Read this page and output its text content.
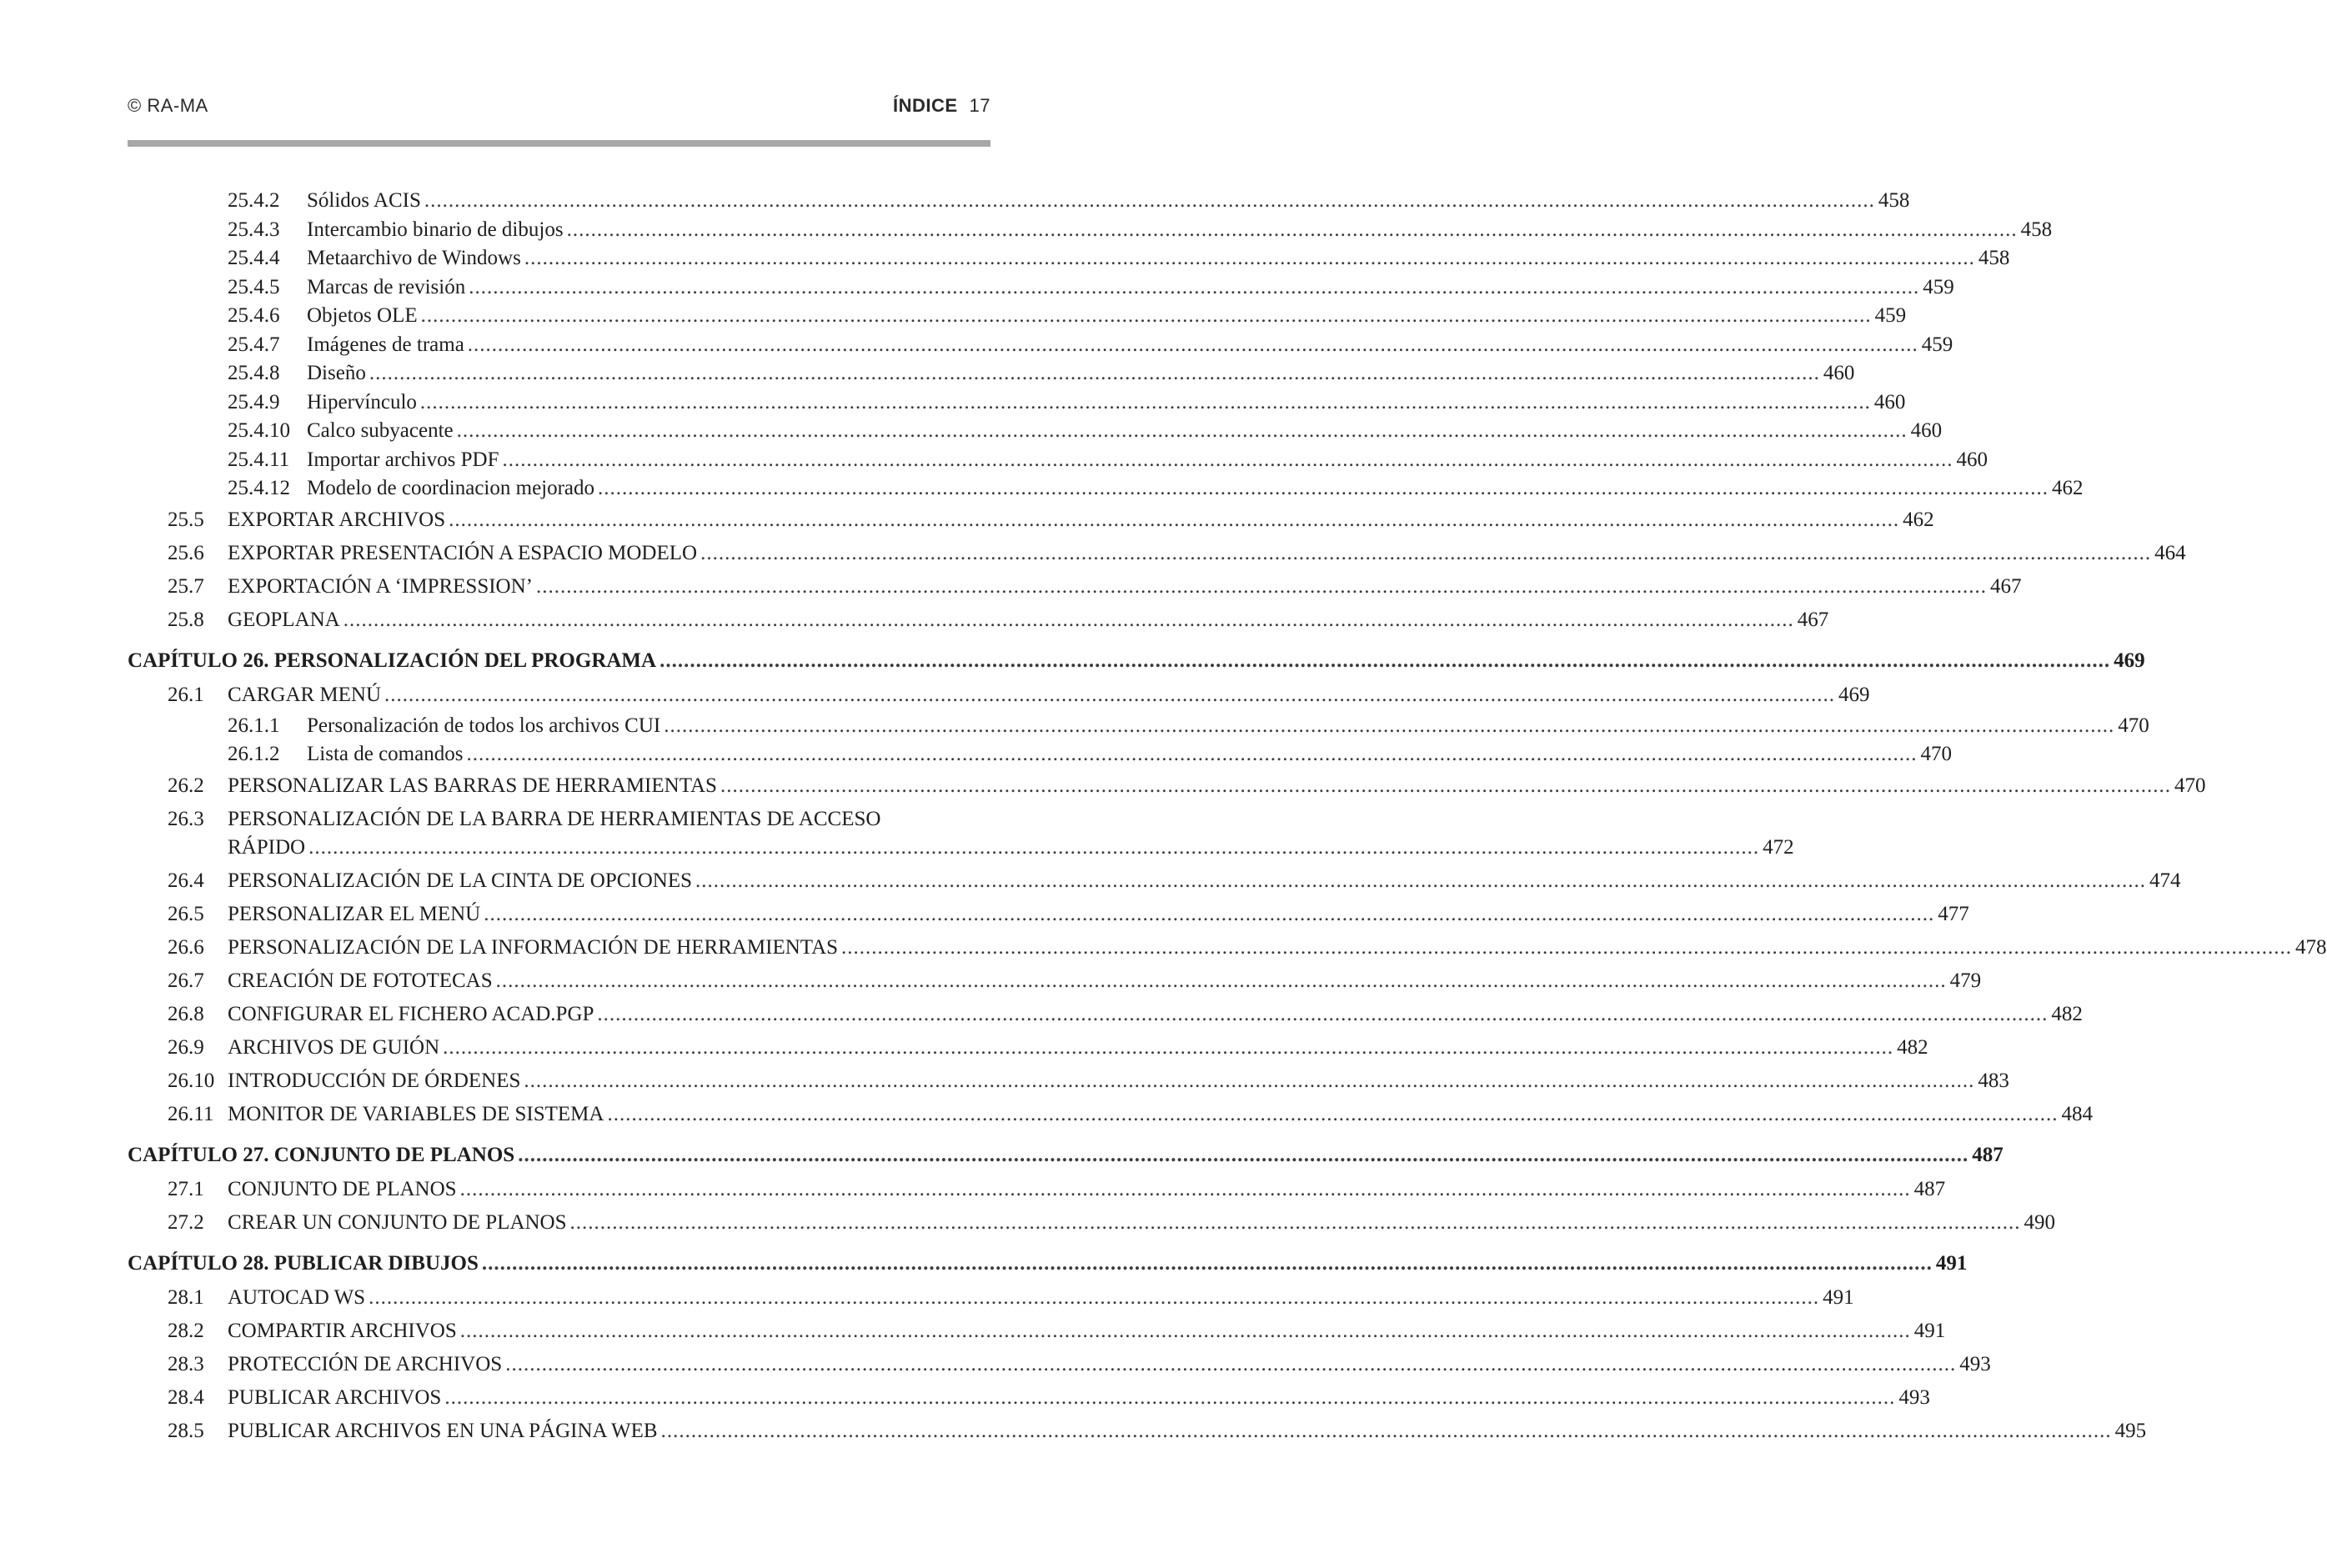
© RA-MA	ÍNDICE 17
25.4.2	Sólidos ACIS .....	458
25.4.3	Intercambio binario de dibujos .....	458
25.4.4	Metaarchivo de Windows .....	458
25.4.5	Marcas de revisión .....	459
25.4.6	Objetos OLE .....	459
25.4.7	Imágenes de trama .....	459
25.4.8	Diseño .....	460
25.4.9	Hipervínculo .....	460
25.4.10 Calco subyacente .....	460
25.4.11 Importar archivos PDF .....	460
25.4.12 Modelo de coordinacion mejorado .....	462
25.5	EXPORTAR ARCHIVOS .....	462
25.6	EXPORTAR PRESENTACIÓN A ESPACIO MODELO .....	464
25.7	EXPORTACIÓN A ‘IMPRESSION’ .....	467
25.8	GEOPLANA .....	467
CAPÍTULO 26. PERSONALIZACIÓN DEL PROGRAMA .....	469
26.1	CARGAR MENÚ .....	469
26.1.1	Personalización de todos los archivos CUI .....	470
26.1.2	Lista de comandos .....	470
26.2	PERSONALIZAR LAS BARRAS DE HERRAMIENTAS .....	470
26.3	PERSONALIZACIÓN DE LA BARRA DE HERRAMIENTAS DE ACCESO
RÁPIDO .....	472
26.4	PERSONALIZACIÓN DE LA CINTA DE OPCIONES .....	474
26.5	PERSONALIZAR EL MENÚ .....	477
26.6	PERSONALIZACIÓN DE LA INFORMACIÓN DE HERRAMIENTAS .....	478
26.7	CREACIÓN DE FOTOTECAS .....	479
26.8	CONFIGURAR EL FICHERO ACAD.PGP .....	482
26.9	ARCHIVOS DE GUIÓN .....	482
26.10 INTRODUCCIÓN DE ÓRDENES .....	483
26.11 MONITOR DE VARIABLES DE SISTEMA .....	484
CAPÍTULO 27. CONJUNTO DE PLANOS .....	487
27.1	CONJUNTO DE PLANOS .....	487
27.2	CREAR UN CONJUNTO DE PLANOS .....	490
CAPÍTULO 28. PUBLICAR DIBUJOS .....	491
28.1	AUTOCAD WS .....	491
28.2	COMPARTIR ARCHIVOS .....	491
28.3	PROTECCIÓN DE ARCHIVOS .....	493
28.4	PUBLICAR ARCHIVOS .....	493
28.5	PUBLICAR ARCHIVOS EN UNA PÁGINA WEB .....	495
